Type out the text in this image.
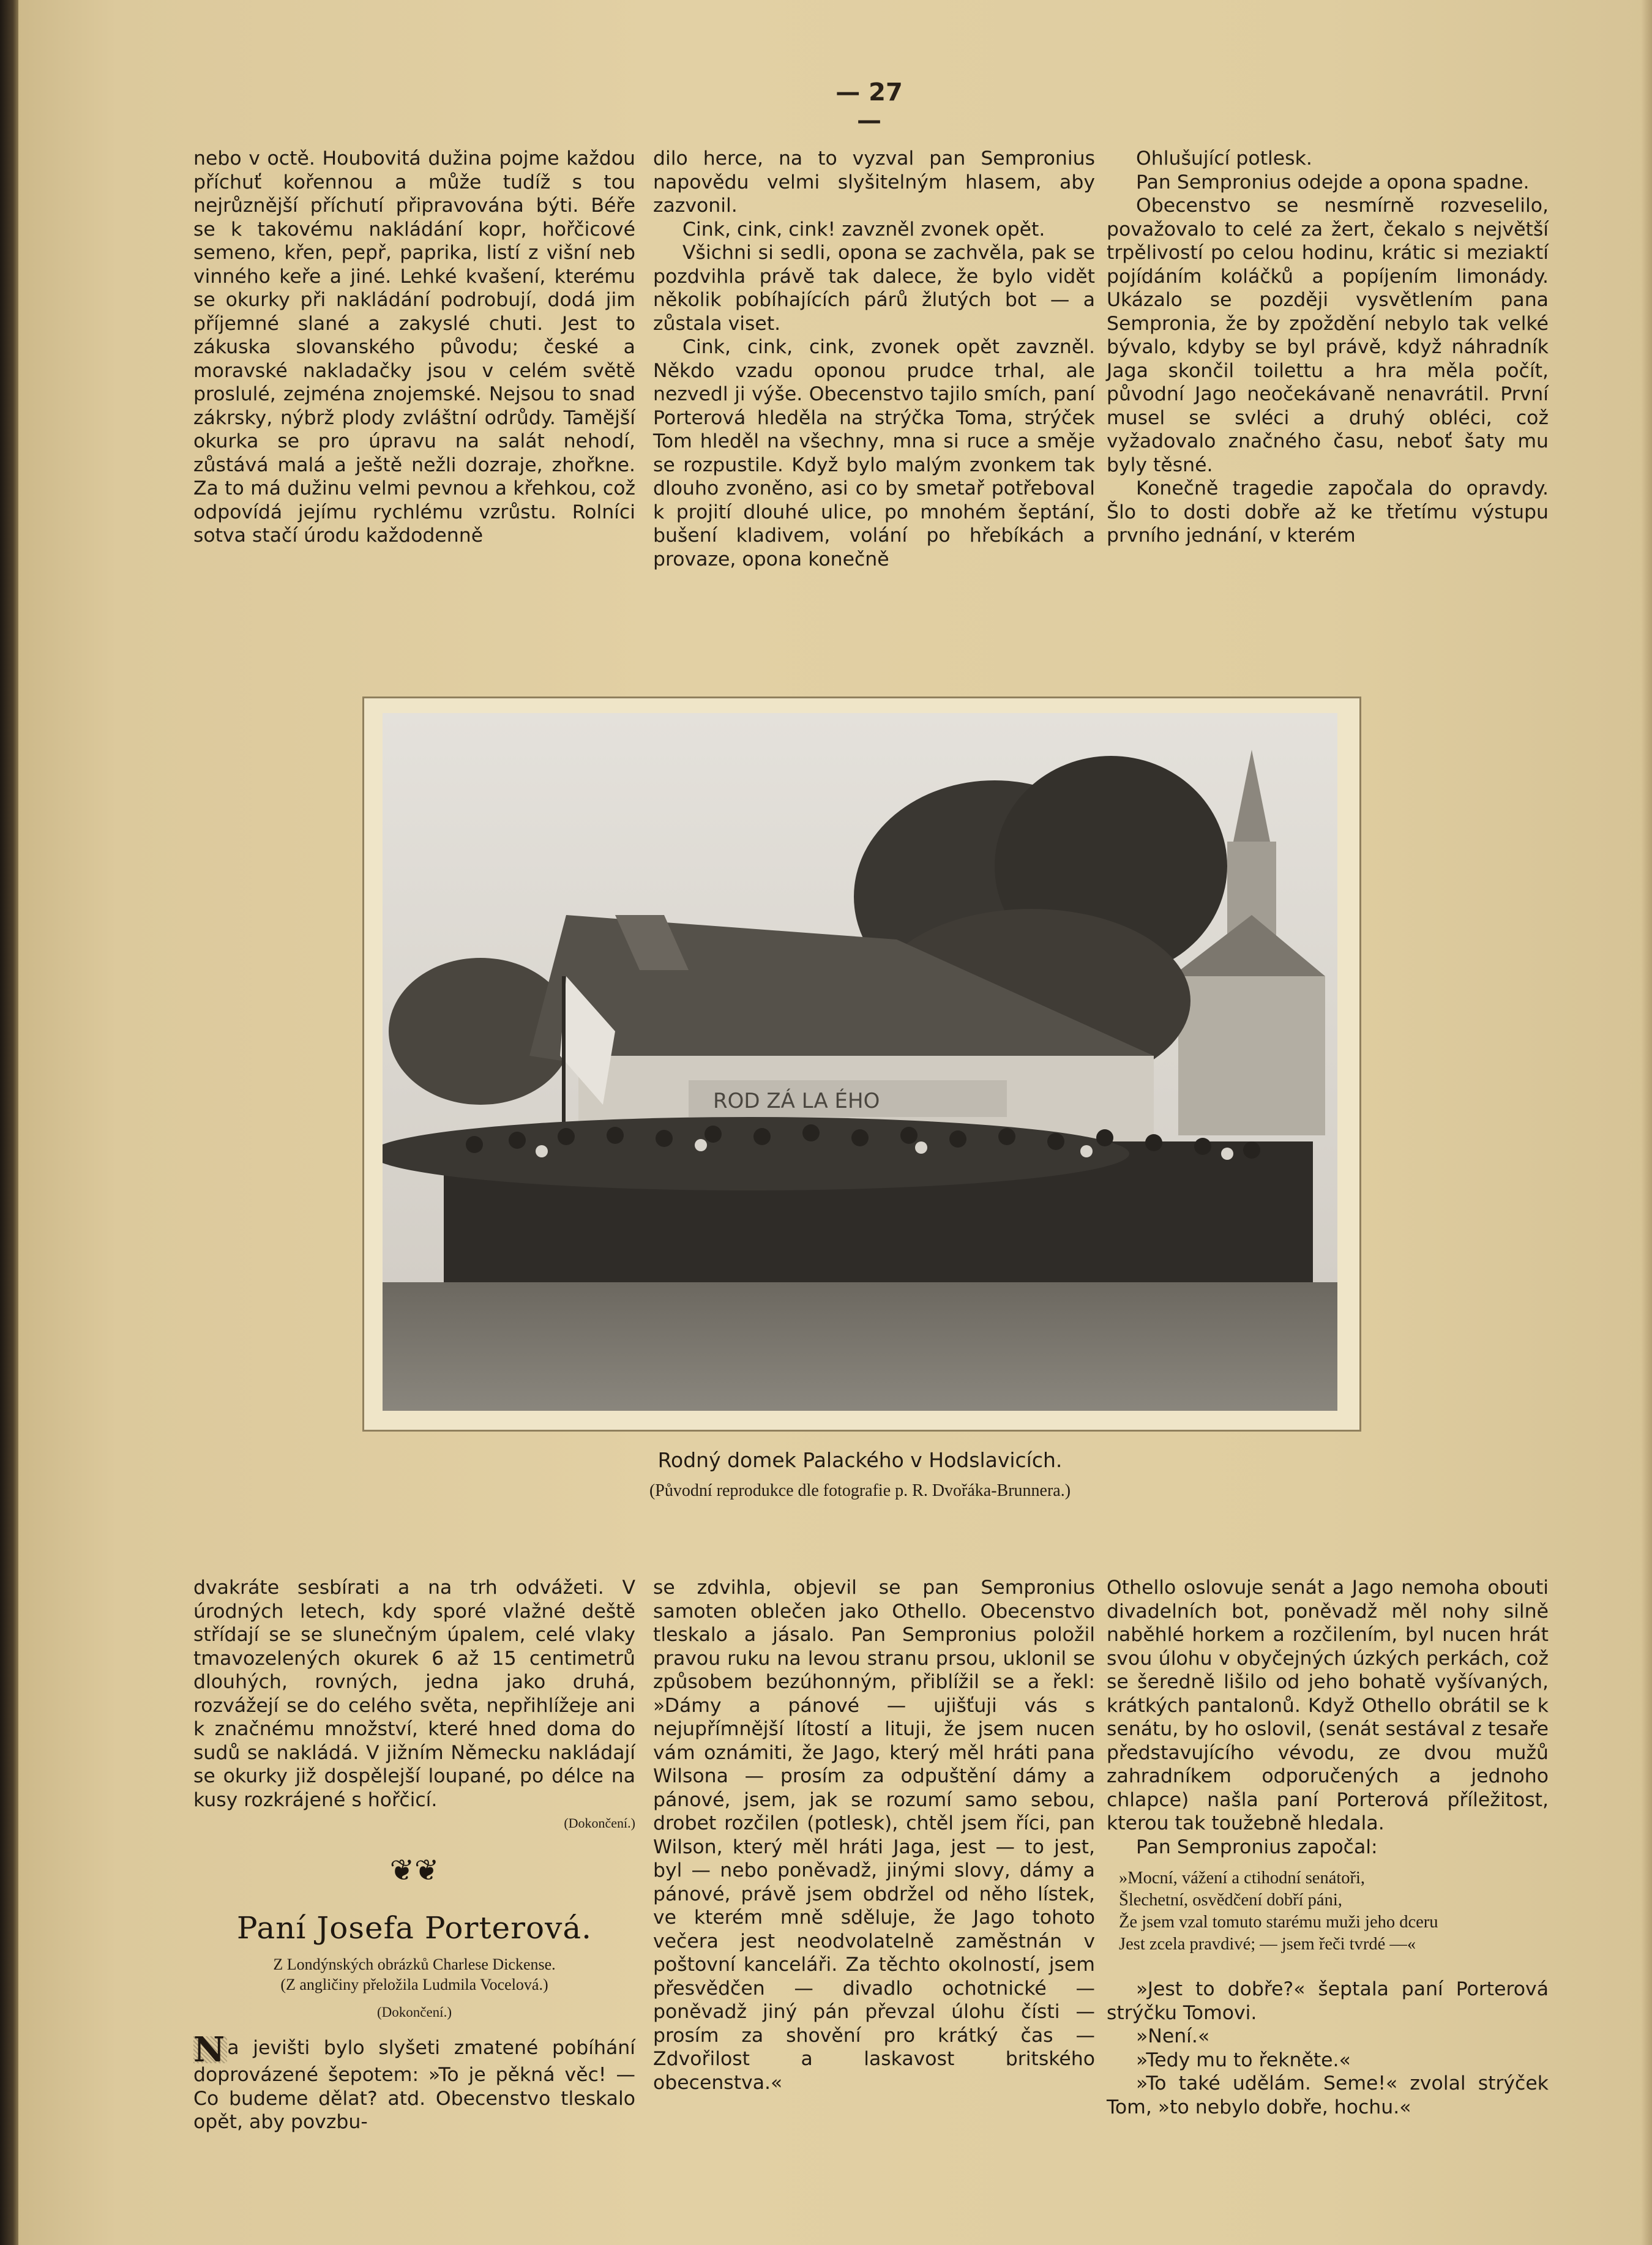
— 27 —

nebo v octě. Houbovitá dužina pojme každou příchuť kořennou a může tudíž s tou nejrůznější příchutí připravována býti. Béře se k takovému nakládání kopr, hořčicové semeno, křen, pepř, paprika, listí z višní neb vinného keře a jiné. Lehké kvašení, kterému se okurky při nakládání podrobují, dodá jim příjemné slané a zakyslé chuti. Jest to zákuska slovanského původu; české a moravské nakladačky jsou v celém světě proslulé, zejména znojemské. Nejsou to snad zákrsky, nýbrž plody zvláštní odrůdy. Tamější okurka se pro úpravu na salát nehodí, zůstává malá a ještě nežli dozraje, zhořkne. Za to má dužinu velmi pevnou a křehkou, což odpovídá jejímu rychlému vzrůstu. Rolníci sotva stačí úrodu každodenně

dilo herce, na to vyzval pan Sempronius napovědu velmi slyšitelným hlasem, aby zazvonil.

Cink, cink, cink! zavzněl zvonek opět.

Všichni si sedli, opona se zachvěla, pak se pozdvihla právě tak dalece, že bylo vidět několik pobíhajících párů žlutých bot — a zůstala viset.

Cink, cink, cink, zvonek opět zavzněl. Někdo vzadu oponou prudce trhal, ale nezvedl ji výše. Obecenstvo tajilo smích, paní Porterová hleděla na strýčka Toma, strýček Tom hleděl na všechny, mna si ruce a směje se rozpustile. Když bylo malým zvonkem tak dlouho zvoněno, asi co by smetař potřeboval k projití dlouhé ulice, po mnohém šeptání, bušení kladivem, volání po hřebíkách a provaze, opona konečně

Ohlušující potlesk.

Pan Sempronius odejde a opona spadne.

Obecenstvo se nesmírně rozveselilo, považovalo to celé za žert, čekalo s největší trpělivostí po celou hodinu, krátic si meziaktí pojídáním koláčků a popíjením limonády. Ukázalo se později vysvětlením pana Sempronia, že by zpoždění nebylo tak velké bývalo, kdyby se byl právě, když náhradník Jaga skončil toilettu a hra měla počít, původní Jago neočekávaně nenavrátil. První musel se svléci a druhý obléci, což vyžadovalo značného času, neboť šaty mu byly těsné.

Konečně tragedie započala do opravdy. Šlo to dosti dobře až ke třetímu výstupu prvního jednání, v kterém

ROD ZÁ LA ÉHO
Rodný domek Palackého v Hodslavicích.
(Původní reprodukce dle fotografie p. R. Dvořáka-Brunnera.)

dvakráte sesbírati a na trh odvážeti. V úrodných letech, kdy sporé vlažné deště střídají se se slunečným úpalem, celé vlaky tmavozelených okurek 6 až 15 centimetrů dlouhých, rovných, jedna jako druhá, rozvážejí se do celého světa, nepřihlížeje ani k značnému množství, které hned doma do sudů se nakládá. V jižním Německu nakládají se okurky již dospělejší loupané, po délce na kusy rozkrájené s hořčicí.

(Dokončení.)
❦❦
Paní Josefa Porterová.
Z Londýnských obrázků Charlese Dickense.
(Z angličiny přeložila Ludmila Vocelová.)
(Dokončení.)

N a jevišti bylo slyšeti zmatené pobíhání doprovázené šepotem: »To je pěkná věc! — Co budeme dělat? atd. Obecenstvo tleskalo opět, aby povzbu-

se zdvihla, objevil se pan Sempronius samoten oblečen jako Othello. Obecenstvo tleskalo a jásalo. Pan Sempronius položil pravou ruku na levou stranu prsou, uklonil se způsobem bezúhonným, přiblížil se a řekl: »Dámy a pánové — ujišťuji vás s nejupřímnější lítostí a lituji, že jsem nucen vám oznámiti, že Jago, který měl hráti pana Wilsona — prosím za odpuštění dámy a pánové, jsem, jak se rozumí samo sebou, drobet rozčilen (potlesk), chtěl jsem říci, pan Wilson, který měl hráti Jaga, jest — to jest, byl — nebo poněvadž, jinými slovy, dámy a pánové, právě jsem obdržel od něho lístek, ve kterém mně sděluje, že Jago tohoto večera jest neodvolatelně zaměstnán v poštovní kanceláři. Za těchto okolností, jsem přesvědčen — divadlo ochotnické — poněvadž jiný pán převzal úlohu čísti — prosím za shovění pro krátký čas — Zdvořilost a laskavost britského obecenstva.«

Othello oslovuje senát a Jago nemoha obouti divadelních bot, poněvadž měl nohy silně naběhlé horkem a rozčilením, byl nucen hrát svou úlohu v obyčejných úzkých perkách, což se šeredně lišilo od jeho bohatě vyšívaných, krátkých pantalonů. Když Othello obrátil se k senátu, by ho oslovil, (senát sestával z tesaře představujícího vévodu, ze dvou mužů zahradníkem odporučených a jednoho chlapce) našla paní Porterová příležitost, kterou tak toužebně hledala.

Pan Sempronius započal:

»Mocní, vážení a ctihodní senátoři,
Šlechetní, osvědčení dobří páni,
Že jsem vzal tomuto starému muži jeho dceru
Jest zcela pravdivé; — jsem řeči tvrdé —«

»Jest to dobře?« šeptala paní Porterová strýčku Tomovi.

»Není.«

»Tedy mu to řekněte.«

»To také udělám. Seme!« zvolal strýček Tom, »to nebylo dobře, hochu.«
